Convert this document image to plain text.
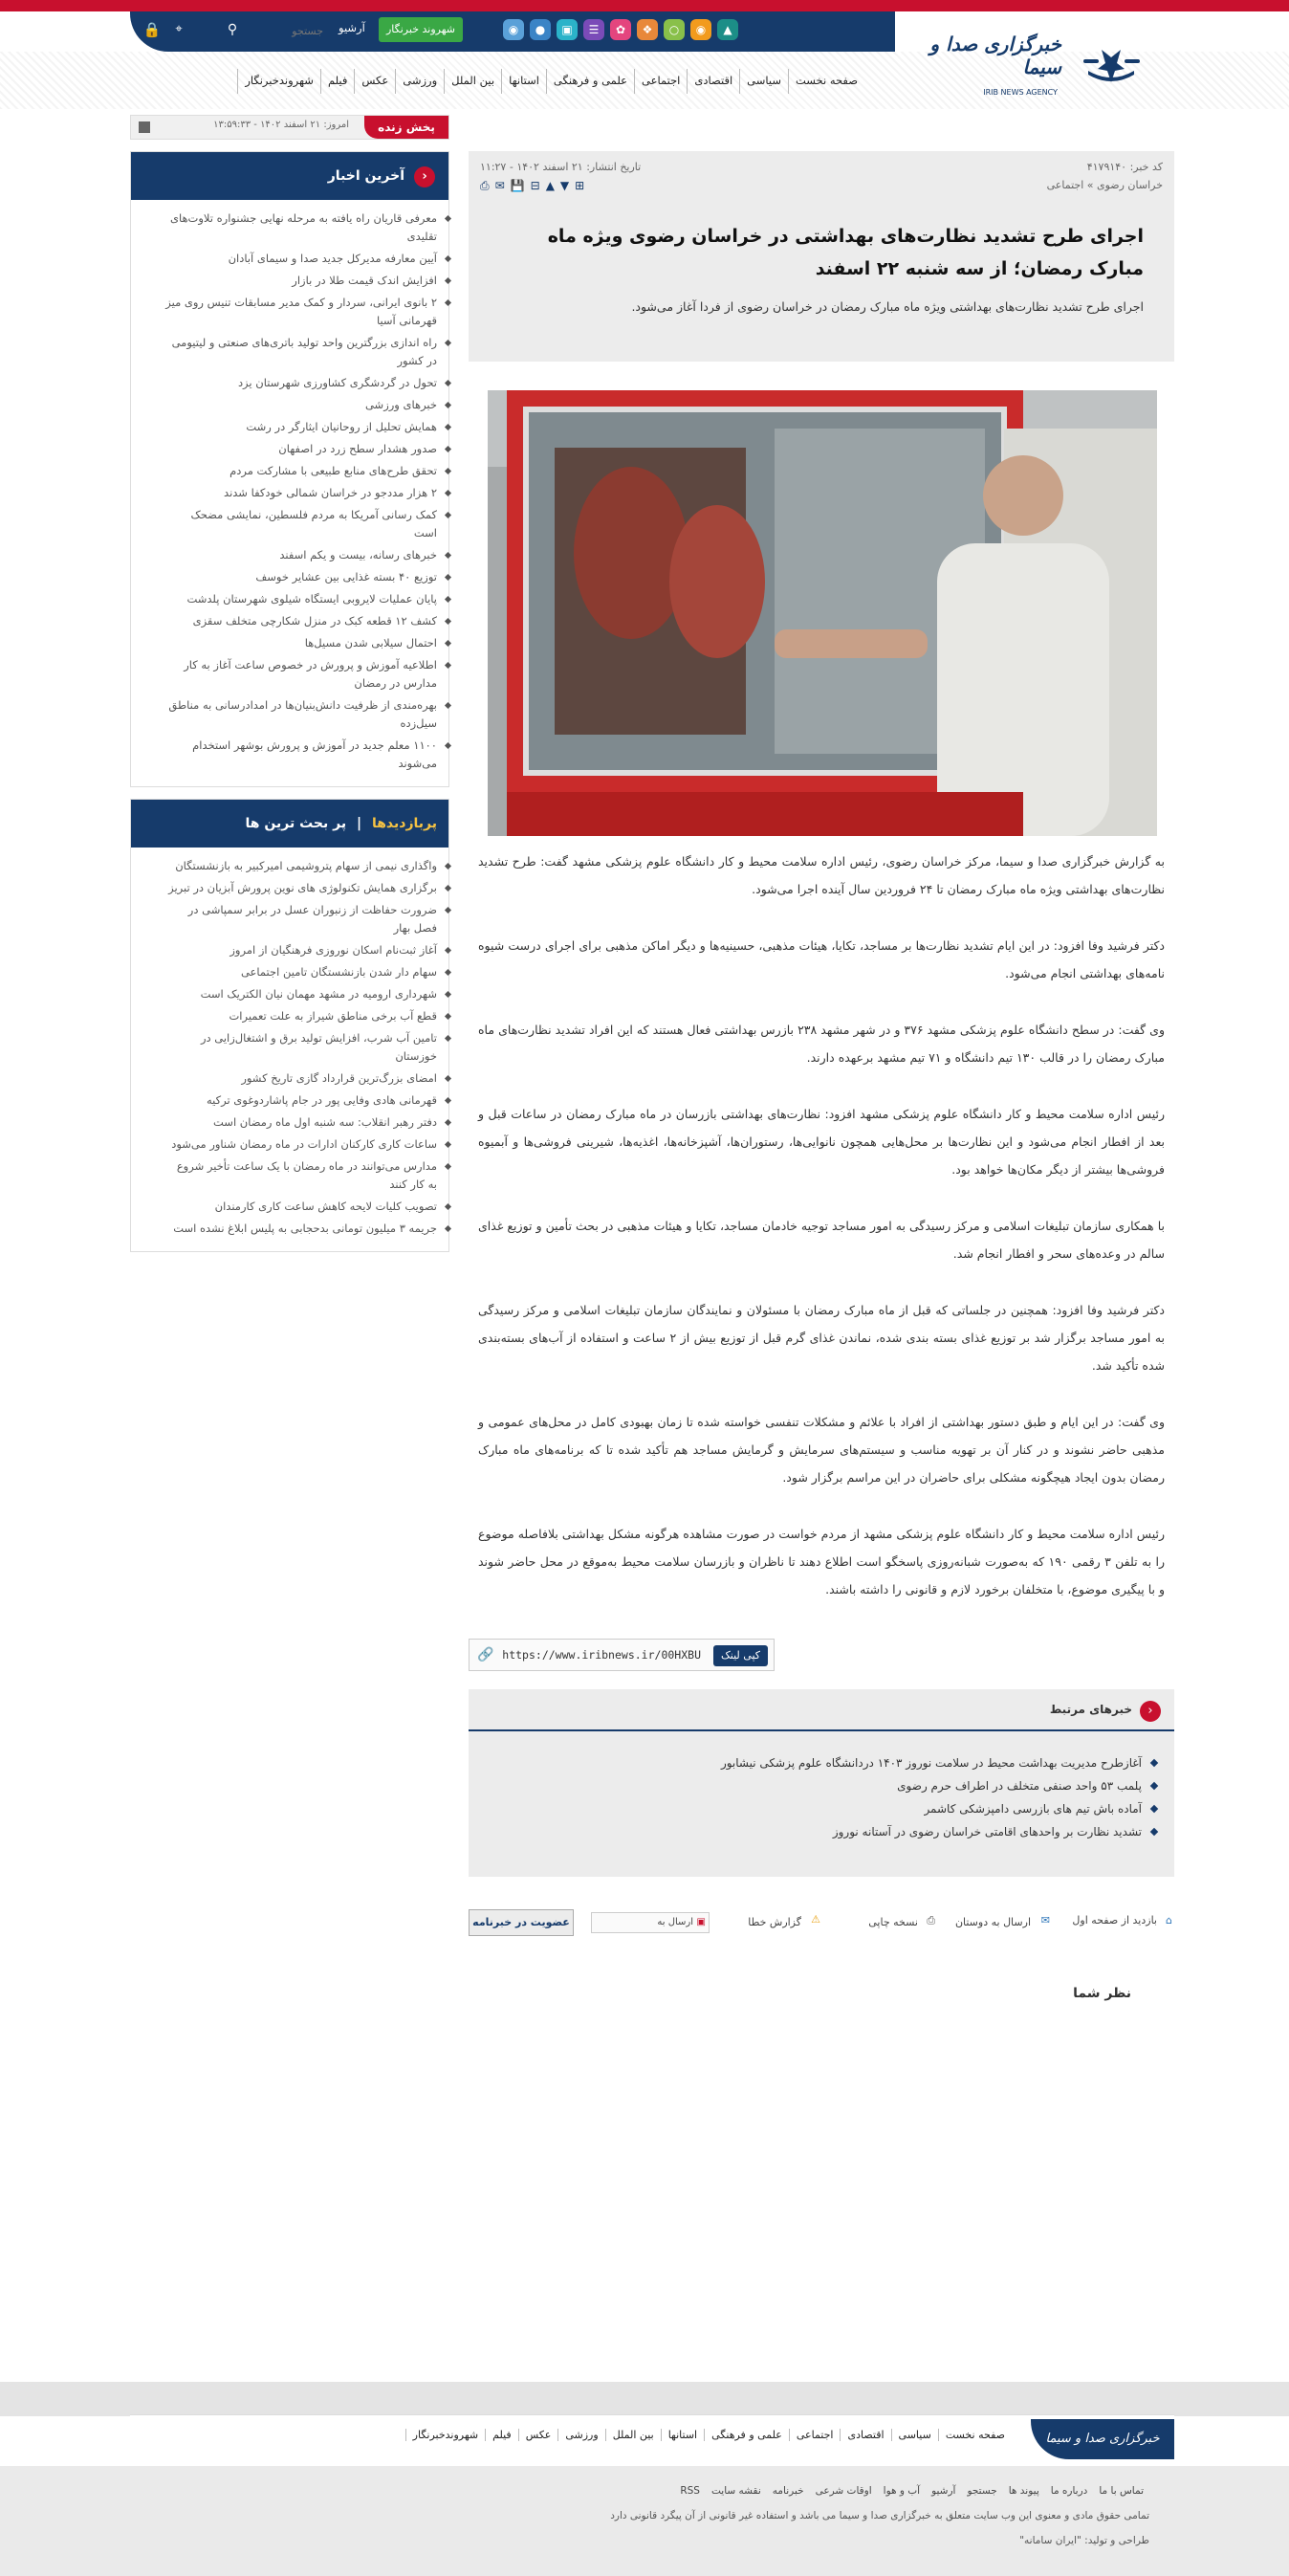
🔒	⌖	⚲
جستجو	آرشیو	شهروند خبرنگار	◉	●	▣	☰	✿	❖	○	◉	▲
خبرگزاری صدا و سیما
IRIB NEWS AGENCY
صفحه نخست
سیاسی
اقتصادی
اجتماعی
علمی و فرهنگی
استانها
بین الملل
ورزشی
عکس
فیلم
شهروندخبرنگار
پخش زنده
امروز: ۲۱ اسفند ۱۴۰۲ - ۱۳:۵۹:۳۳
‹
آخرین اخبار
معرفی قاریان راه یافته به مرحله نهایی جشنواره تلاوت‌های تقلیدی
آیین معارفه مدیرکل جدید صدا و سیمای آبادان
افزایش اندک قیمت طلا در بازار
۲ بانوی ایرانی، سردار و کمک مدیر مسابقات تنیس روی میز قهرمانی آسیا
راه اندازی بزرگترین واحد تولید باتری‌های صنعتی و لیتیومی در کشور
تحول در گردشگری کشاورزی شهرستان یزد
خبرهای ورزشی
همایش تحلیل از روحانیان ایثارگر در رشت
صدور هشدار سطح زرد در اصفهان
تحقق طرح‌های منابع طبیعی با مشارکت مردم
۲ هزار مددجو در خراسان شمالی خودکفا شدند
کمک رسانی آمریکا به مردم فلسطین، نمایشی مضحک است
خبرهای رسانه، بیست و یکم اسفند
توزیع ۴۰ بسته غذایی بین عشایر خوسف
پایان عملیات لایروبی ایستگاه شیلوی شهرستان پلدشت
کشف ۱۲ قطعه کبک در منزل شکارچی متخلف سقزی
احتمال سیلابی شدن مسیل‌ها
اطلاعیه آموزش و پرورش در خصوص ساعت آغاز به کار مدارس در رمضان
بهره‌مندی از ظرفیت دانش‌بنیان‌ها در امدادرسانی به مناطق سیل‌زده
۱۱۰۰ معلم جدید در آموزش و پرورش بوشهر استخدام می‌شوند
پربازدیدها | پر بحث ترین ها
واگذاری نیمی از سهام پتروشیمی امیرکبیر به بازنشستگان
برگزاری همایش تکنولوژی های نوین پرورش آبزیان در تبریز
ضرورت حفاظت از زنبوران عسل در برابر سمپاشی در فصل بهار
آغاز ثبت‌نام اسکان نوروزی فرهنگیان از امروز
سهام دار شدن بازنشستگان تامین اجتماعی
شهرداری اروميه در مشهد مهمان نیان الکتریک است
قطع آب برخی مناطق شیراز به علت تعمیرات
تامین آب شرب، افزایش تولید برق و اشتغال‌زایی در خوزستان
امضای بزرگ‌ترین قرارداد گازی تاریخ کشور
قهرمانی هادی وفایی پور در جام پاشاردوغوی ترکیه
دفتر رهبر انقلاب: سه شنبه اول ماه رمضان است
ساعات کاری کارکنان ادارات در ماه رمضان شناور می‌شود
مدارس می‌توانند در ماه رمضان با یک ساعت تأخیر شروع به کار کنند
تصویب کلیات لایحه کاهش ساعت کاری کارمندان
جریمه ۳ میلیون تومانی بدحجابی به پلیس ابلاغ نشده است
کد خبر: ۴۱۷۹۱۴۰
تاریخ انتشار: ۲۱ اسفند ۱۴۰۲ - ۱۱:۲۷
خراسان رضوی » اجتماعی
⊞▼▲⊟💾✉⎙
اجرای طرح تشدید نظارت‌های بهداشتی در خراسان رضوی ویژه ماه مبارک رمضان؛ از سه شنبه ۲۲ اسفند

اجرای طرح تشدید نظارت‌های بهداشتی ویژه ماه مبارک رمضان در خراسان رضوی از فردا آغاز می‌شود.

به گزارش خبرگزاری صدا و سیما، مرکز خراسان رضوی، رئیس اداره سلامت محیط و کار دانشگاه علوم پزشکی مشهد گفت: طرح تشدید نظارت‌های بهداشتی ویژه ماه مبارک رمضان تا ۲۴ فروردین سال آینده اجرا می‌شود.

دکتر فرشید وفا افزود: در این ایام تشدید نظارت‌ها بر مساجد، تکایا، هیئات مذهبی، حسینیه‌ها و دیگر اماکن مذهبی برای اجرای درست شیوه نامه‌های بهداشتی انجام می‌شود.

وی گفت: در سطح دانشگاه علوم پزشکی مشهد ۳۷۶ و در شهر مشهد ۲۳۸ بازرس بهداشتی فعال هستند که این افراد تشدید نظارت‌های ماه مبارک رمضان را در قالب ۱۳۰ تیم دانشگاه و ۷۱ تیم مشهد برعهده دارند.

رئیس اداره سلامت محیط و کار دانشگاه علوم پزشکی مشهد افزود: نظارت‌های بهداشتی بازرسان در ماه مبارک رمضان در ساعات قبل و بعد از افطار انجام می‌شود و این نظارت‌ها بر محل‌هایی همچون نانوایی‌ها، رستوران‌ها، آشپزخانه‌ها، اغذیه‌ها، شیرینی فروشی‌ها و آبمیوه فروشی‌ها بیشتر از دیگر مکان‌ها خواهد بود.

با همکاری سازمان تبلیغات اسلامی و مرکز رسیدگی به امور مساجد توجیه خادمان مساجد، تکایا و هیئات مذهبی در بحث تأمین و توزیع غذای سالم در وعده‌های سحر و افطار انجام شد.

دکتر فرشید وفا افزود: همچنین در جلساتی که قبل از ماه مبارک رمضان با مسئولان و نمایندگان سازمان تبلیغات اسلامی و مرکز رسیدگی به امور مساجد برگزار شد بر توزیع غذای بسته بندی شده، نماندن غذای گرم قبل از توزیع بیش از ۲ ساعت و استفاده از آب‌های بسته‌بندی شده تأکید شد.

وی گفت: در این ایام و طبق دستور بهداشتی از افراد با علائم و مشکلات تنفسی خواسته شده تا زمان بهبودی کامل در محل‌های عمومی و مذهبی حاضر نشوند و در کنار آن بر تهویه مناسب و سیستم‌های سرمایش و گرمایش مساجد هم تأکید شده تا که برنامه‌های ماه مبارک رمضان بدون ایجاد هیچگونه مشکلی برای حاضران در این مراسم برگزار شود.

رئیس اداره سلامت محیط و کار دانشگاه علوم پزشکی مشهد از مردم خواست در صورت مشاهده هرگونه مشکل بهداشتی بلافاصله موضوع را به تلفن ۳ رقمی ۱۹۰ که به‌صورت شبانه‌روزی پاسخگو است اطلاع دهند تا ناظران و بازرسان سلامت محیط به‌موقع در محل حاضر شوند و با پیگیری موضوع، با متخلفان برخورد لازم و قانونی را داشته باشند.

کپی لینک
https://www.iribnews.ir/00HXBU
🔗
‹
خبرهای مرتبط
آغازطرح مدیریت بهداشت محیط در سلامت نوروز ۱۴۰۳ دردانشگاه علوم پزشکی نیشابور
پلمب ۵۳ واحد صنفی متخلف در اطراف حرم رضوی
آماده باش تیم های بازرسی دامپزشکی کاشمر
تشدید نظارت بر واحدهای اقامتی خراسان رضوی در آستانه نوروز
⌂
بازدید از صفحه اول
✉
ارسال به دوستان
⎙
نسخه چاپی
⚠
گزارش خطا
ارسال به ▣
عضویت در خبرنامه
نظر شما
خبرگزاری صدا و سیما
صفحه نخست
سیاسی
اقتصادی
اجتماعی
علمی و فرهنگی
استانها
بین الملل
ورزشی
عکس
فیلم
شهروندخبرنگار
تماس با ما
درباره ما
پیوند ها
جستجو
آرشیو
آب و هوا
اوقات شرعی
خبرنامه
نقشه سایت
RSS
تمامی حقوق مادی و معنوی این وب سایت متعلق به خبرگزاری صدا و سیما می باشد و استفاده غیر قانونی از آن پیگرد قانونی دارد
طراحی و تولید: "ایران سامانه"
